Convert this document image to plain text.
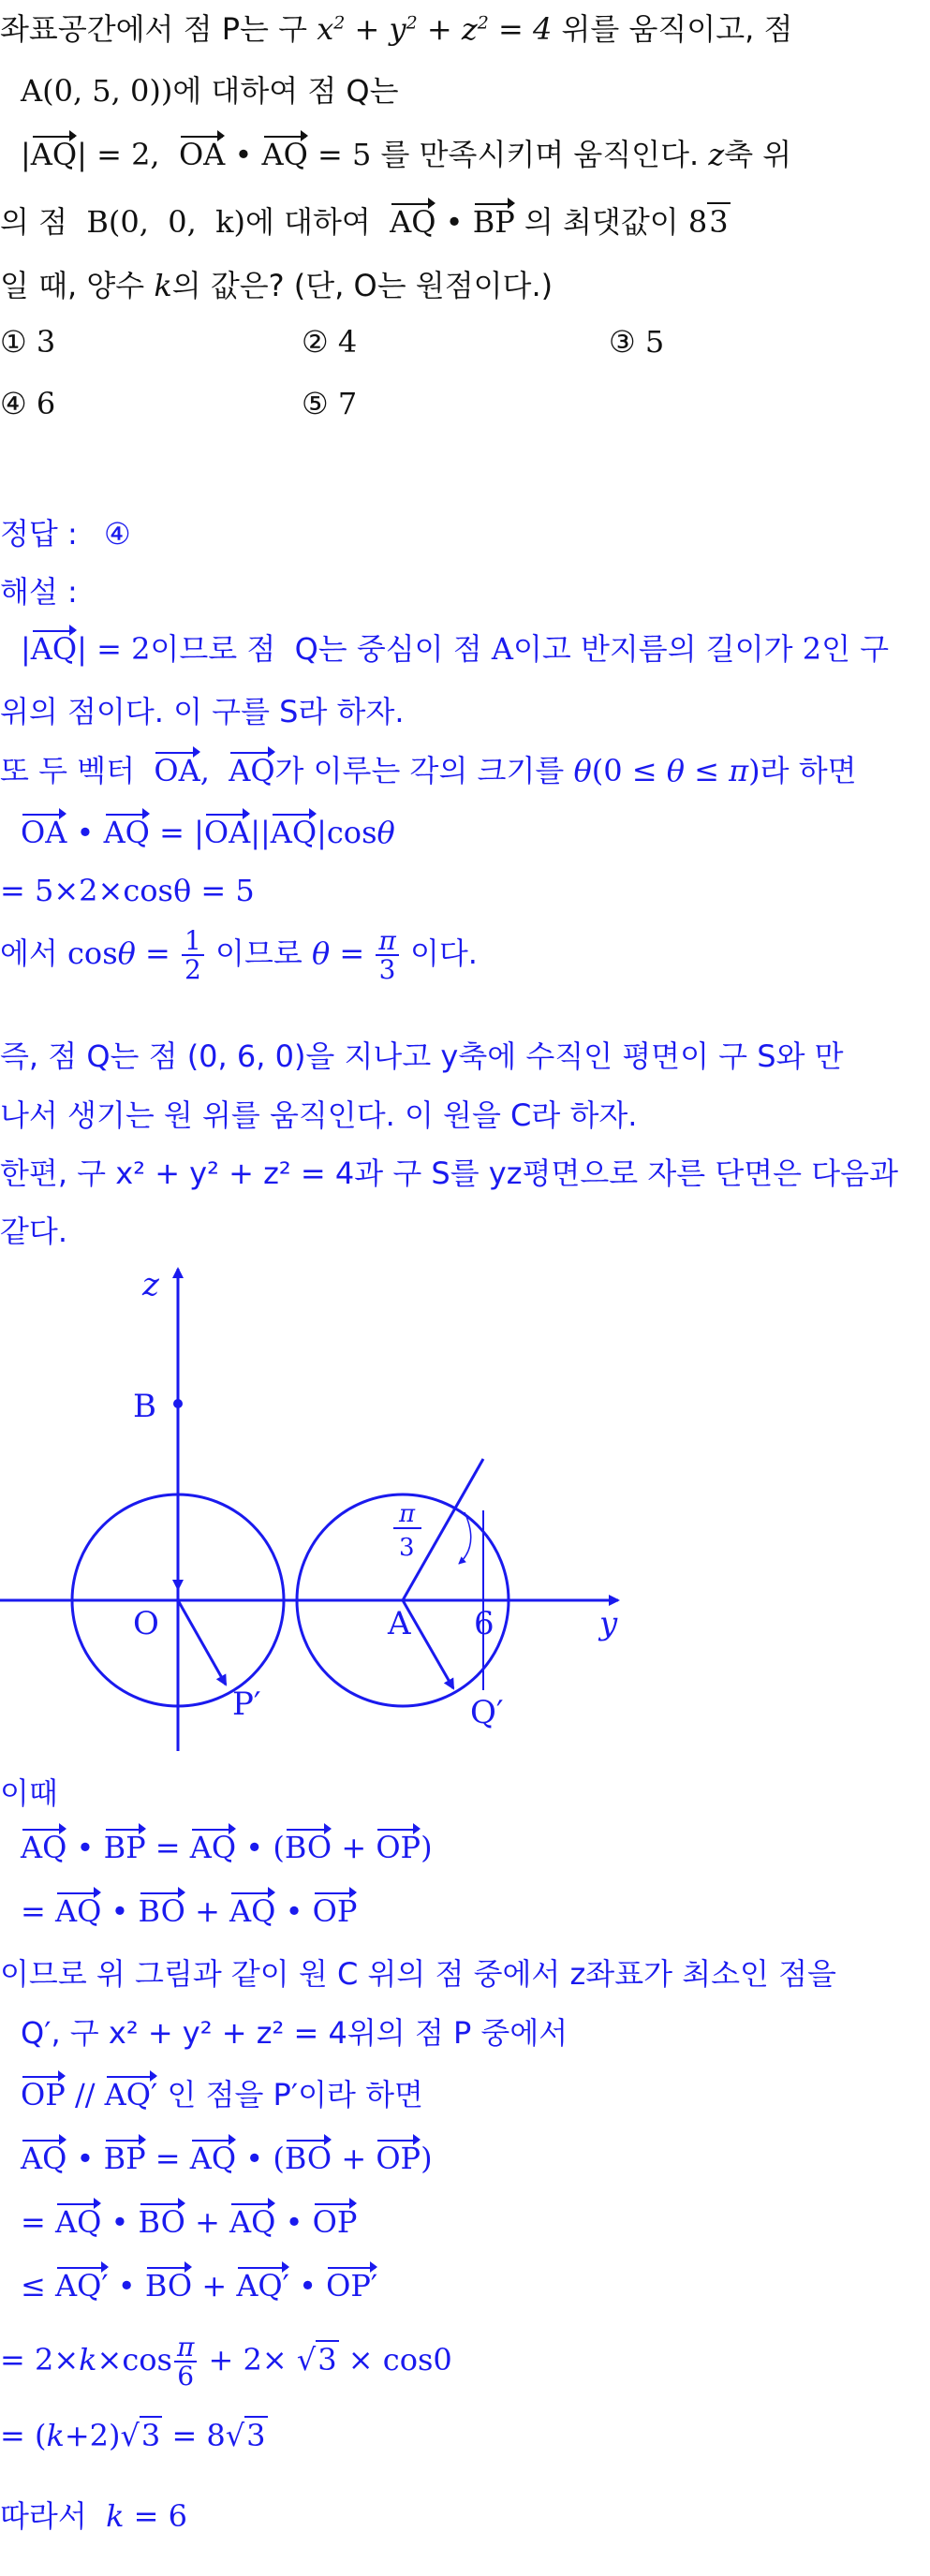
좌표공간에서 점 P는 구 $x^2 + y^2 + z^2 = 4$ 위를 움직이고, 점
A(0, 5, 0))에 대하여 점 Q는
|AQ| = 2,  OA • AQ = 5 를 만족시키며 움직인다. z축 위
의 점  B(0,  0,  k)에 대하여  AQ • BP 의 최댓값이 83
일 때, 양수 k의 값은? (단, O는 원점이다.)
① 3	② 4	③ 5
④ 6	⑤ 7
정답 : ④
해설 :
|AQ| = 2이므로 점  Q는 중심이 점 A이고 반지름의 길이가 2인 구
위의 점이다. 이 구를 S라 하자.
또 두 벡터  OA,  AQ가 이루는 각의 크기를 θ(0 ≤ θ ≤ π)라 하면
OA • AQ = |OA||AQ|cosθ
= 5×2×cosθ = 5
에서 $\cos\theta = \frac{1}{2}$ 이므로 $\theta = \frac{\pi}{3}$ 이다.
즉, 점 Q는 점 (0, 6, 0)을 지나고 y축에 수직인 평면이 구 S와 만
나서 생기는 원 위를 움직인다. 이 원을 C라 하자.
한편, 구 x² + y² + z² = 4과 구 S를 yz평면으로 자른 단면은 다음과
같다.
z
y
B
O	A 6
P′	Q′
π
3
이때
AQ • BP = AQ • (BO + OP)
= AQ • BO + AQ • OP
이므로 위 그림과 같이 원 C 위의 점 중에서 z좌표가 최소인 점을
Q′, 구 x² + y² + z² = 4위의 점 P 중에서
OP // AQ′ 인 점을 P′이라 하면
AQ • BP = AQ • (BO + OP)
= AQ • BO + AQ • OP
≤ AQ′ • BO + AQ′ • OP′
= $2\times k\times\cos \frac{\pi}{6} + 2\times √3 \times \cos 0$
= (k+2)√3 = 8√3
따라서 k = 6
